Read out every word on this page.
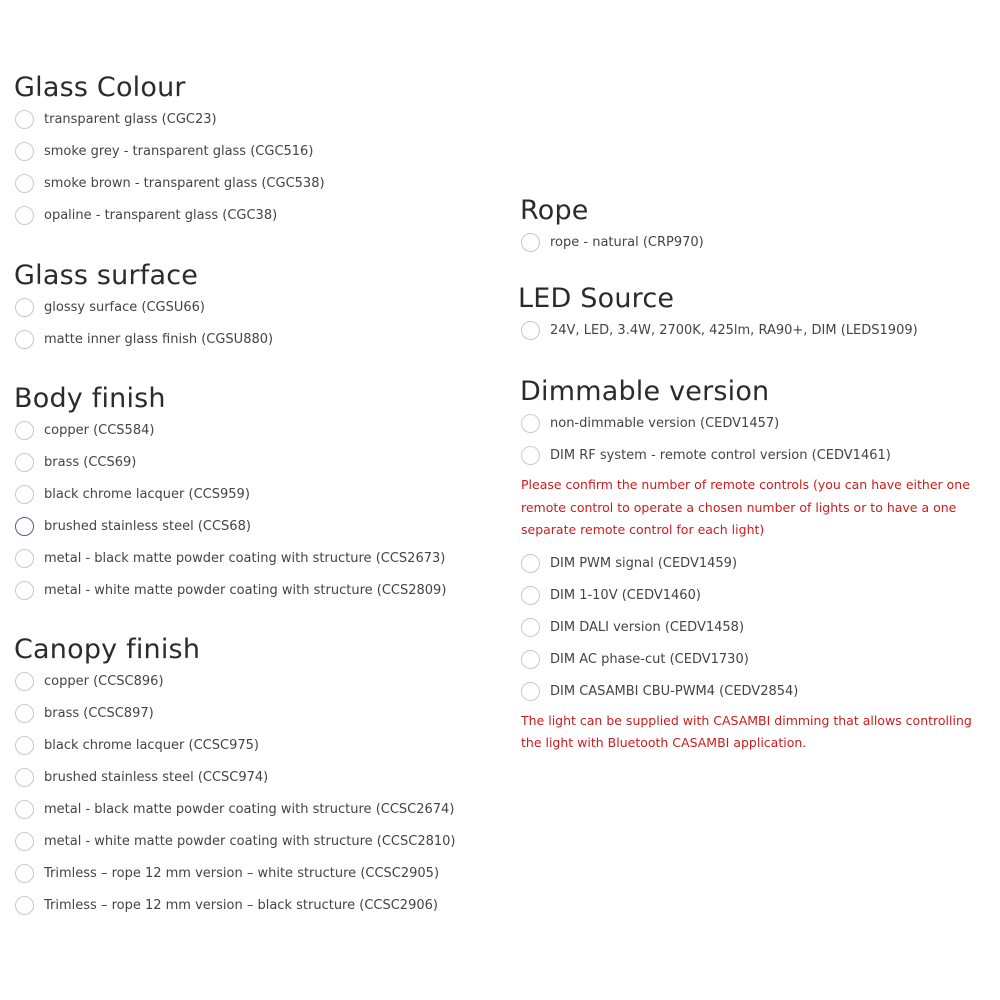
Glass Colour
transparent glass (CGC23)
smoke grey - transparent glass (CGC516)
smoke brown - transparent glass (CGC538)
opaline - transparent glass (CGC38)
Glass surface
glossy surface (CGSU66)
matte inner glass finish (CGSU880)
Body finish
copper (CCS584)
brass (CCS69)
black chrome lacquer (CCS959)
brushed stainless steel (CCS68)
metal - black matte powder coating with structure (CCS2673)
metal - white matte powder coating with structure (CCS2809)
Canopy finish
copper (CCSC896)
brass (CCSC897)
black chrome lacquer (CCSC975)
brushed stainless steel (CCSC974)
metal - black matte powder coating with structure (CCSC2674)
metal - white matte powder coating with structure (CCSC2810)
Trimless – rope 12 mm version – white structure (CCSC2905)
Trimless – rope 12 mm version – black structure (CCSC2906)
Rope
rope - natural (CRP970)
LED Source
24V, LED, 3.4W, 2700K, 425lm, RA90+, DIM (LEDS1909)
Dimmable version
non-dimmable version (CEDV1457)
DIM RF system - remote control version (CEDV1461)
Please confirm the number of remote controls (you can have either one remote control to operate a chosen number of lights or to have a one separate remote control for each light)
DIM PWM signal (CEDV1459)
DIM 1-10V (CEDV1460)
DIM DALI version (CEDV1458)
DIM AC phase-cut (CEDV1730)
DIM CASAMBI CBU-PWM4 (CEDV2854)
The light can be supplied with CASAMBI dimming that allows controlling the light with Bluetooth CASAMBI application.
